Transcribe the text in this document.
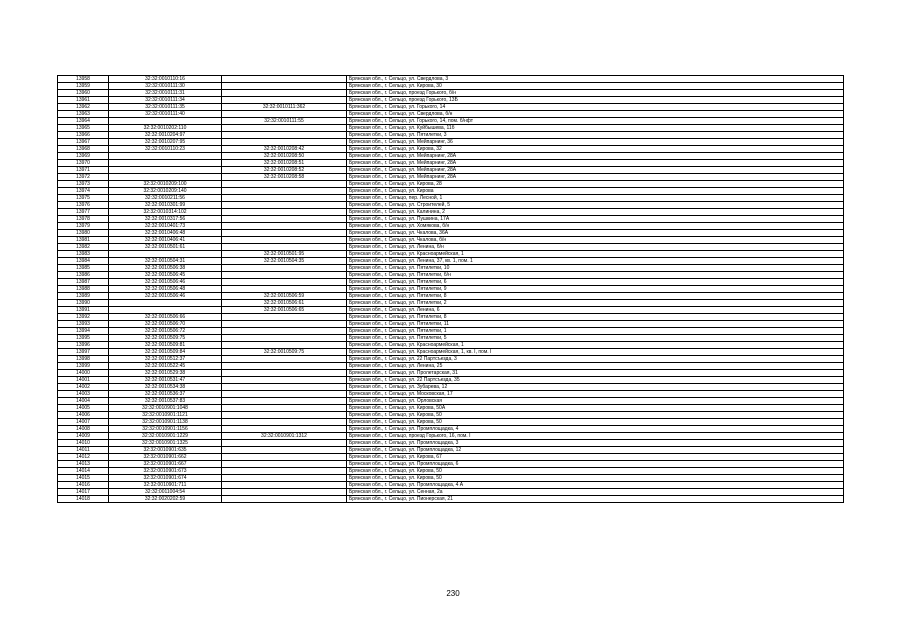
13958	32:32:0010110:16		Брянская обл., г. Сельцо, ул. Свердлова, 3
13959	32:32:0010111:30		Брянская обл., г. Сельцо, ул. Кирова, 30
13960	32:32:0010111:31		Брянская обл., г. Сельцо, проезд Горького, б/н
13961	32:32:0010111:34		Брянская обл., г. Сельцо, проезд Горького, 13Б
13962	32:32:0010111:35	32:32:0010111:362	Брянская обл., г. Сельцо, ул. Горького, 14
13963	32:32:0010111:40		Брянская обл., г. Сельцо, ул. Свердлова, б/н
13964		32:32:0010111:55	Брянская обл., г. Сельцо, ул. Горького, 14, пом. б/нфт
13965	32:32:0010202:110		Брянская обл., г. Сельцо, ул. Куйбышева, 11б
13966	32:32:0010204:97		Брянская обл., г. Сельцо, ул. Пятилетки, 3
13967	32:32:0010207:95		Брянская обл., г. Сельцо, ул. Мейпарнинг, 36
13968	32:32:0010110:23	32:32:0010208:42	Брянская обл., г. Сельцо, ул. Кирова, 32
13969		32:32:0010208:50	Брянская обл., г. Сельцо, ул. Мейпарнинг, 28А
13970		32:32:0010208:51	Брянская обл., г. Сельцо, ул. Мейпарнинг, 28А
13971		32:32:0010208:52	Брянская обл., г. Сельцо, ул. Мейпарнинг, 28А
13972		32:32:0010208:58	Брянская обл., г. Сельцо, ул. Мейпарнинг, 28А
13973	32:32:0010209:100		Брянская обл., г. Сельцо, ул. Кирова, 28
13974	32:32:0010209:140		Брянская обл., г. Сельцо, ул. Кирова
13975	32:32:0010211:56		Брянская обл., г. Сельцо, пер. Лесной, 1
13976	32:32:0010301:99		Брянская обл., г. Сельцо, ул. Строителей, 5
13977	32:32:0010314:102		Брянская обл., г. Сельцо, ул. Калинина, 2
13978	32:32:0010317:56		Брянская обл., г. Сельцо, ул. Пушкина, 17А
13979	32:32:0010401:73		Брянская обл., г. Сельцо, ул. Хомякова, б/н
13980	32:32:0010406:48		Брянская обл., г. Сельцо, ул. Чкалова, 36А
13981	32:32:0010406:41		Брянская обл., г. Сельцо, ул. Чкалова, б/н
13982	32:32:0010501:61		Брянская обл., г. Сельцо, ул. Ленина, б/н
13983		32:32:0010501:95	Брянская обл., г. Сельцо, ул. Красноармейская, 1
13984	32:32:0010504:31	32:32:0010504:35	Брянская обл., г. Сельцо, ул. Ленина, 37, кв. 1, пом. 1
13985	32:32:0010506:38		Брянская обл., г. Сельцо, ул. Пятилетки, 10
13986	32:32:0010506:45		Брянская обл., г. Сельцо, ул. Пятилетки, б/н
13987	32:32:0010506:46		Брянская обл., г. Сельцо, ул. Пятилетки, 6
13988	32:32:0010506:48		Брянская обл., г. Сельцо, ул. Пятилетки, 9
13989	32:32:0010506:46	32:32:0010506:59	Брянская обл., г. Сельцо, ул. Пятилетки, 8
13990		32:32:0010506:61	Брянская обл., г. Сельцо, ул. Пятилетки, 2
13991		32:32:0010506:65	Брянская обл., г. Сельцо, ул. Ленина, 6
13992	32:32:0010506:66		Брянская обл., г. Сельцо, ул. Пятилетки, 8
13993	32:32:0010506:70		Брянская обл., г. Сельцо, ул. Пятилетки, 11
13994	32:32:0010506:72		Брянская обл., г. Сельцо, ул. Пятилетки, 1
13995	32:32:0010509:75		Брянская обл., г. Сельцо, ул. Пятилетки, 5
13996	32:32:0010509:81		Брянская обл., г. Сельцо, ул. Красноармейская, 1
13997	32:32:0010509:84	32:32:0010509:75	Брянская обл., г. Сельцо, ул. Красноармейская, 1, кв. I, пом. I
13998	32:32:0010512:37		Брянская обл., г. Сельцо, ул. 22 Партсъезда, 3
13999	32:32:0010522:45		Брянская обл., г. Сельцо, ул. Ленина, 25
14000	32:32:0010529:38		Брянская обл., г. Сельцо, ул. Пролетарская, 31
14001	32:32:0010531:47		Брянская обл., г. Сельцо, ул. 22 Партсъезда, 35
14002	32:32:0010534:38		Брянская обл., г. Сельцо, ул. Зубарева, 12
14003	32:32:0010536:37		Брянская обл., г. Сельцо, ул. Московская, 17
14004	32:32:0010537:83		Брянская обл., г. Сельцо, ул. Орловская
14005	32:32:0010901:1048		Брянская обл., г. Сельцо, ул. Кирова, 50А
14006	32:32:0010901:1121		Брянская обл., г. Сельцо, ул. Кирова, 50
14007	32:32:0010901:1138		Брянская обл., г. Сельцо, ул. Кирова, 50
14008	32:32:0010901:1156		Брянская обл., г. Сельцо, ул. Промплощадка, 4
14009	32:32:0010901:1229	32:32:0010901:1312	Брянская обл., г. Сельцо, проезд Горького, 16, пом. I
14010	32:32:0010901:1325		Брянская обл., г. Сельцо, ул. Промплощадка, 3
14011	32:32:0010901:635		Брянская обл., г. Сельцо, ул. Промплощадка, 12
14012	32:32:0010901:662		Брянская обл., г. Сельцо, ул. Кирова, 67
14013	32:32:0010901:667		Брянская обл., г. Сельцо, ул. Промплощадка, 6
14014	32:32:0010901:673		Брянская обл., г. Сельцо, ул. Кирова, 50
14015	32:32:0010901:674		Брянская обл., г. Сельцо, ул. Кирова, 50
14016	32:32:0010901:711		Брянская обл., г. Сельцо, ул. Промплощадка, 4 А
14017	32:32:0011004:54		Брянская обл., г. Сельцо, ул. Сенная, 2а
14018	32:32:0020202:59		Брянская обл., г. Сельцо, ул. Пионерская, 21
230
